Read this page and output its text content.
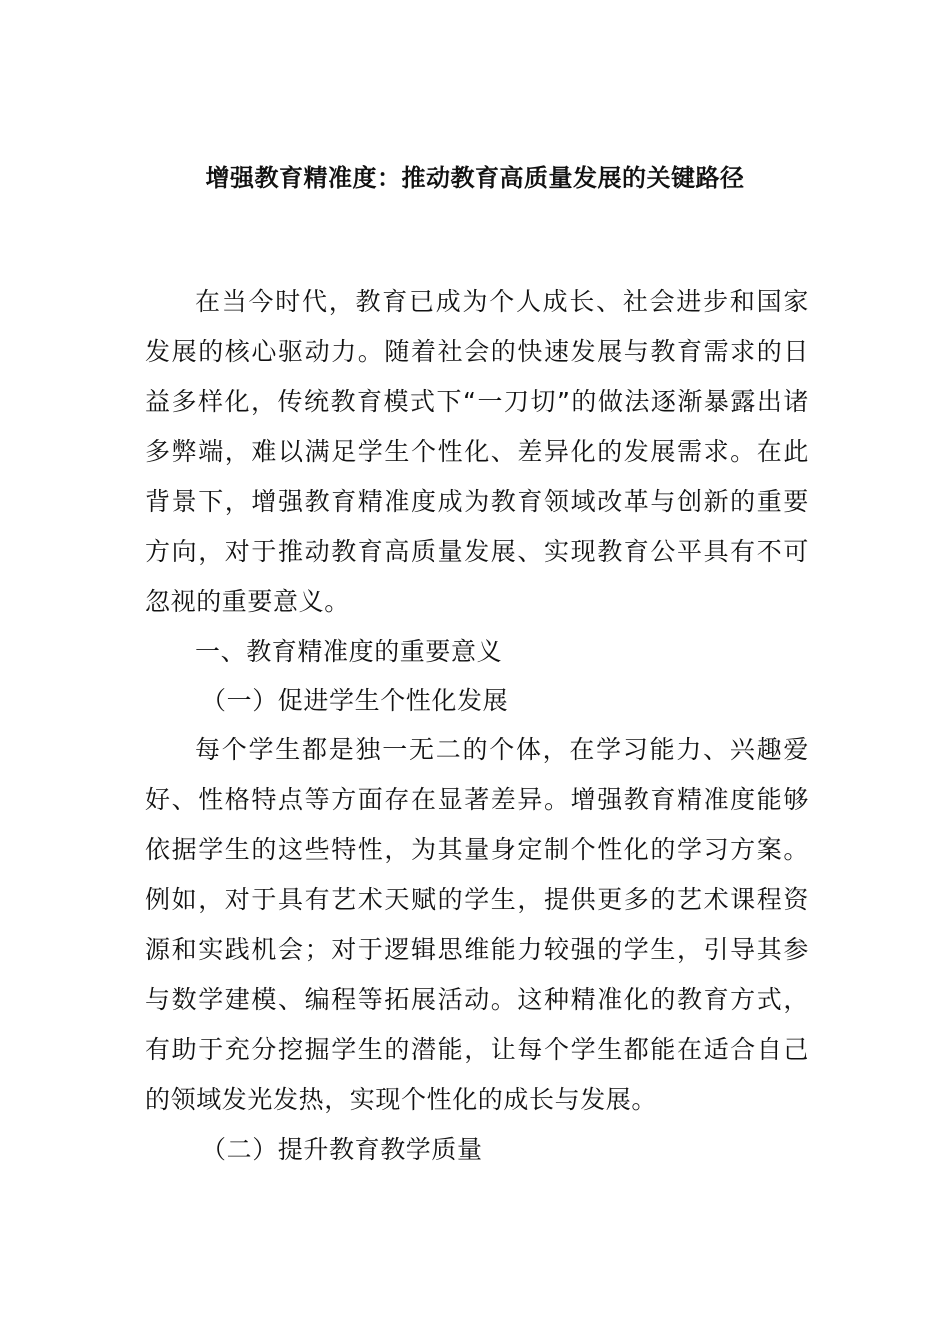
增强教育精准度：推动教育高质量发展的关键路径

在当今时代，教育已成为个人成长、社会进步和国家发展的核心驱动力。随着社会的快速发展与教育需求的日益多样化，传统教育模式下“一刀切”的做法逐渐暴露出诸多弊端，难以满足学生个性化、差异化的发展需求。在此背景下，增强教育精准度成为教育领域改革与创新的重要方向，对于推动教育高质量发展、实现教育公平具有不可忽视的重要意义。

一、教育精准度的重要意义

（一）促进学生个性化发展

每个学生都是独一无二的个体，在学习能力、兴趣爱好、性格特点等方面存在显著差异。增强教育精准度能够依据学生的这些特性，为其量身定制个性化的学习方案。例如，对于具有艺术天赋的学生，提供更多的艺术课程资源和实践机会；对于逻辑思维能力较强的学生，引导其参与数学建模、编程等拓展活动。这种精准化的教育方式，有助于充分挖掘学生的潜能，让每个学生都能在适合自己的领域发光发热，实现个性化的成长与发展。

（二）提升教育教学质量
